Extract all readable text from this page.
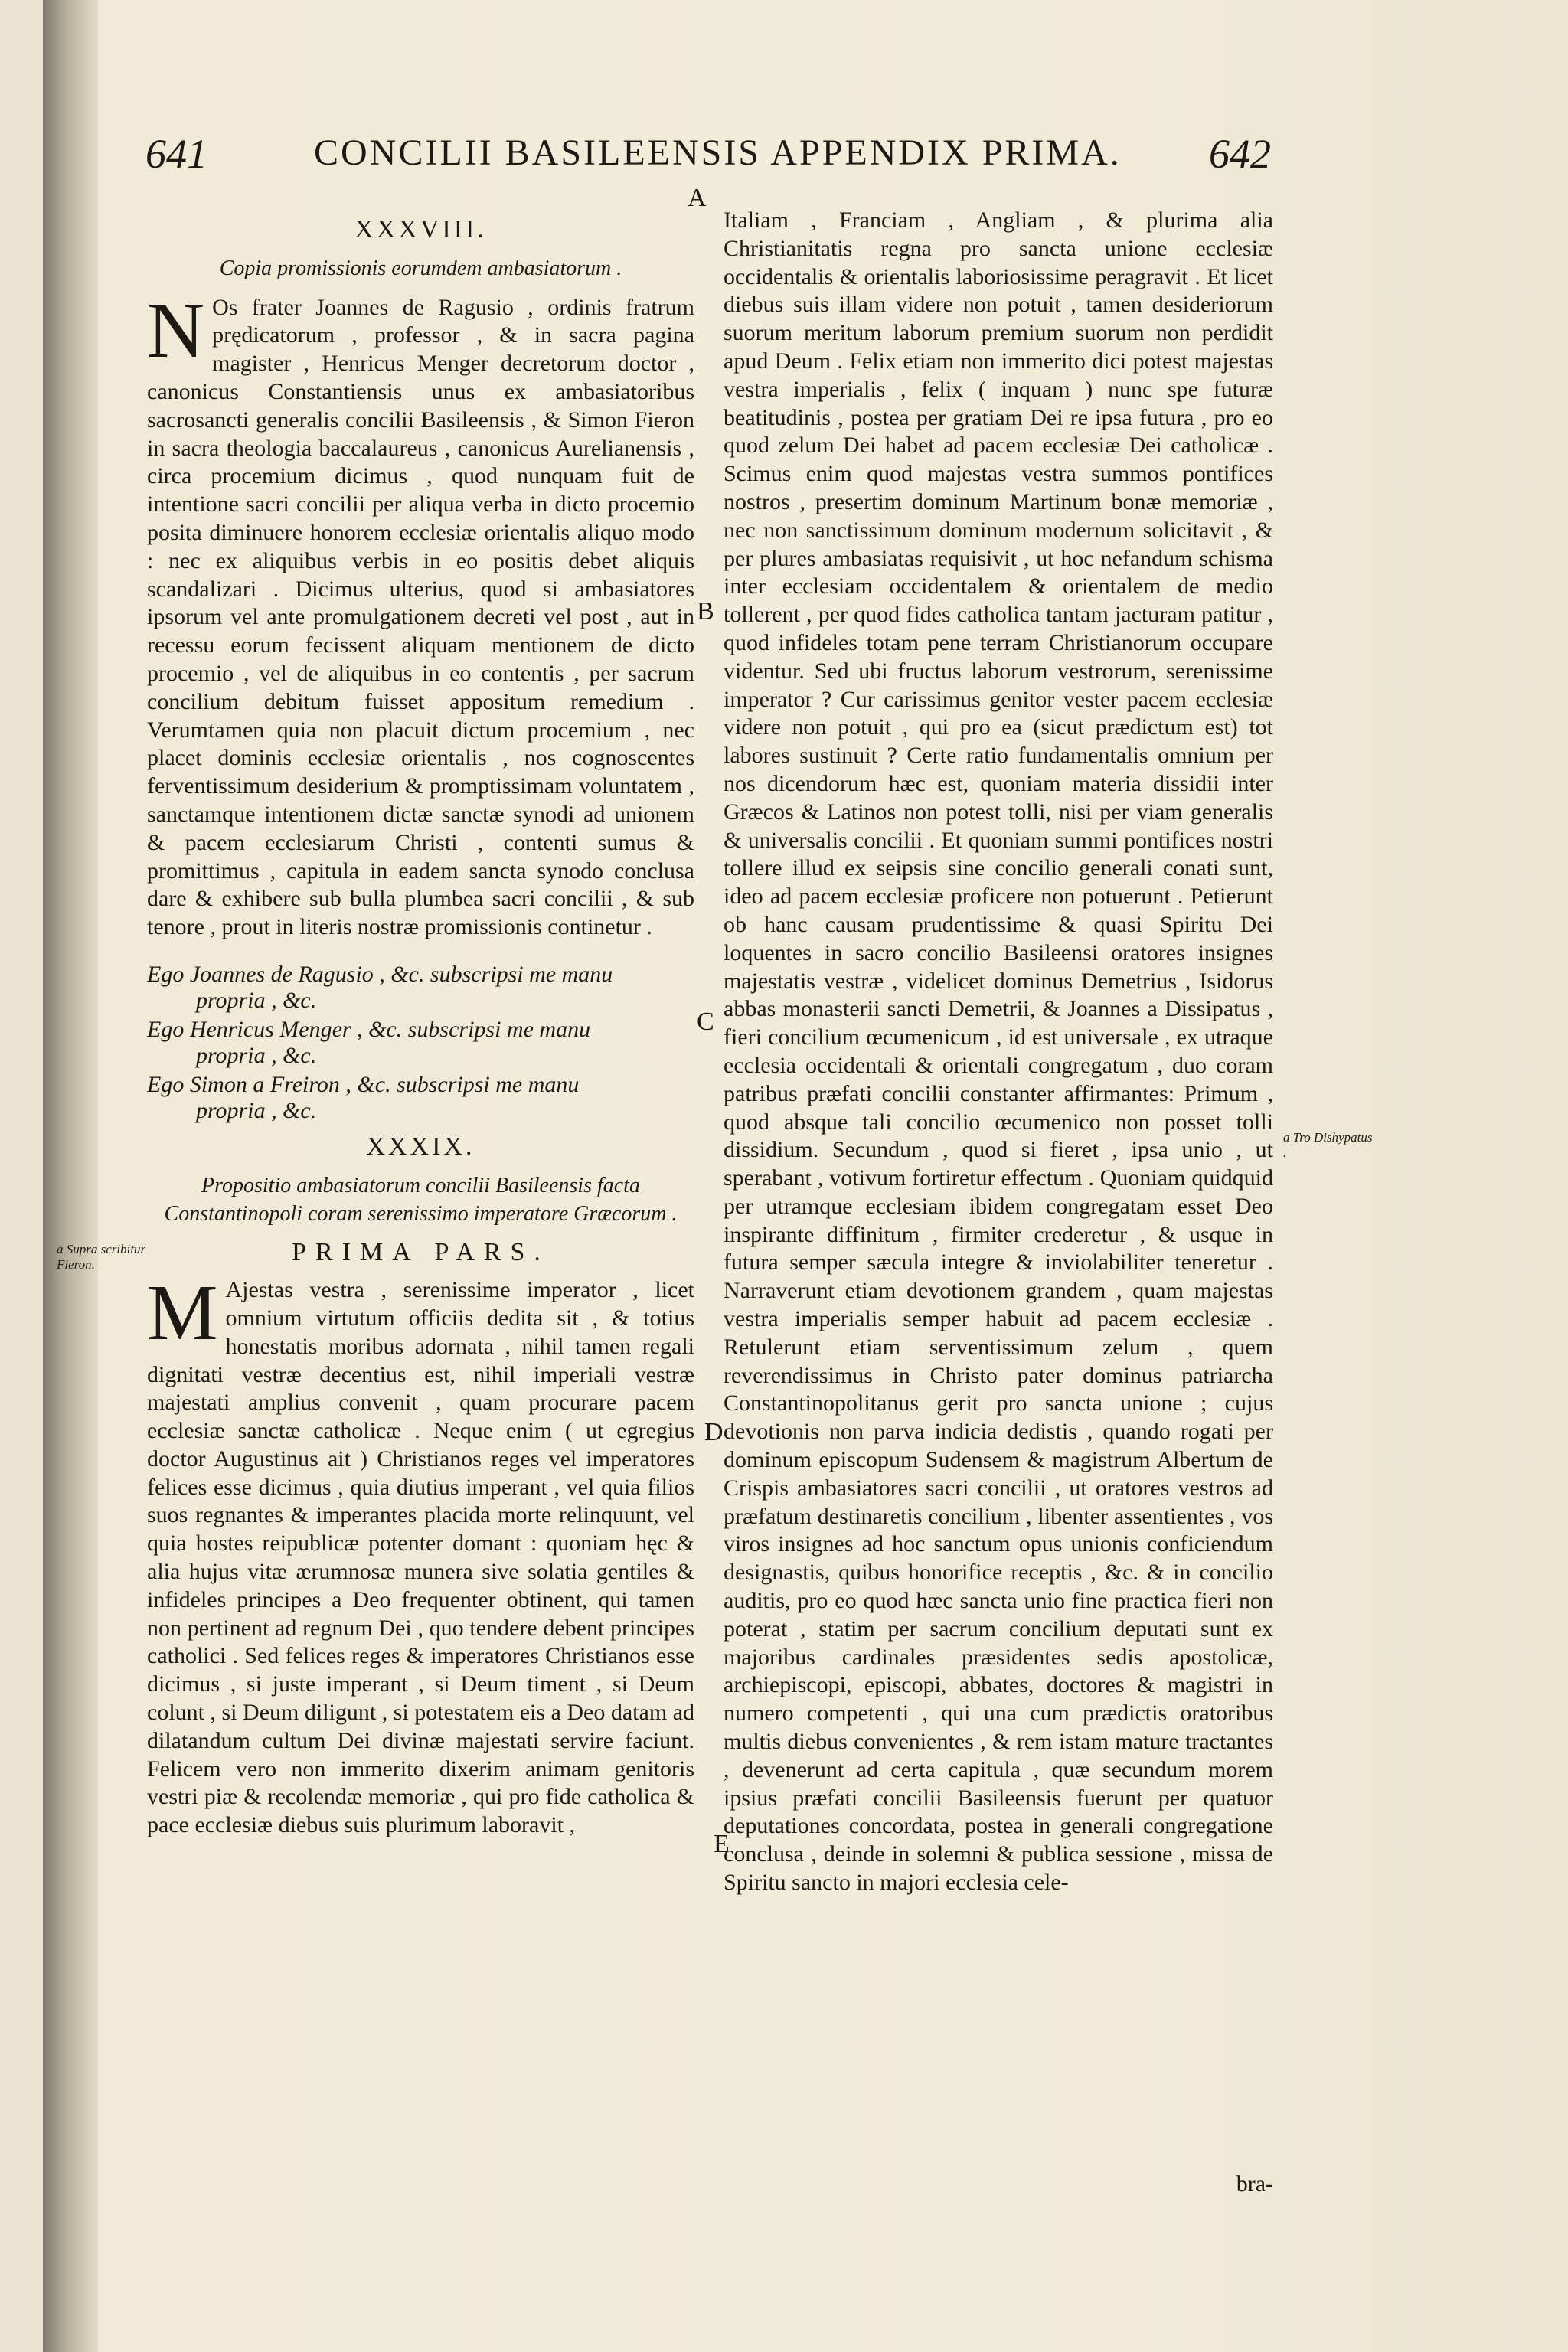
641	CONCILII BASILEENSIS APPENDIX PRIMA. 642
XXXVIII.
Copia promissionis eorumdem ambasiatorum .

N Os frater Joannes de Ragusio , ordinis fratrum prędicatorum , professor , & in sacra pagina magister , Henricus Menger decretorum doctor , canonicus Constantiensis unus ex ambasiatoribus sacrosancti generalis concilii Basileensis , & Simon Fieron in sacra theologia baccalaureus , canonicus Aurelianensis , circa procemium dicimus , quod nunquam fuit de intentione sacri concilii per aliqua verba in dicto procemio posita diminuere honorem ecclesiæ orientalis aliquo modo : nec ex aliquibus verbis in eo positis debet aliquis scandalizari . Dicimus ulterius, quod si ambasiatores ipsorum vel ante promulgationem decreti vel post , aut in recessu eorum fecissent aliquam mentionem de dicto procemio , vel de aliquibus in eo contentis , per sacrum concilium debitum fuisset appositum remedium . Verumtamen quia non placuit dictum procemium , nec placet dominis ecclesiæ orientalis , nos cognoscentes ferventissimum desiderium & promptissimam voluntatem , sanctamque intentionem dictæ sanctæ synodi ad unionem & pacem ecclesiarum Christi , contenti sumus & promittimus , capitula in eadem sancta synodo conclusa dare & exhibere sub bulla plumbea sacri concilii , & sub tenore , prout in literis nostræ promissionis continetur .

Ego Joannes de Ragusio , &c. subscripsi me manu
propria , &c.
Ego Henricus Menger , &c. subscripsi me manu
propria , &c.
Ego Simon a Freiron , &c. subscripsi me manu
propria , &c.
XXXIX.
Propositio ambasiatorum concilii Basileensis facta Constantinopoli coram serenissimo imperatore Græcorum .
PRIMA PARS.

M Ajestas vestra , serenissime imperator , licet omnium virtutum officiis dedita sit , & totius honestatis moribus adornata , nihil tamen regali dignitati vestræ decentius est, nihil imperiali vestræ majestati amplius convenit , quam procurare pacem ecclesiæ sanctæ catholicæ . Neque enim ( ut egregius doctor Augustinus ait ) Christianos reges vel imperatores felices esse dicimus , quia diutius imperant , vel quia filios suos regnantes & imperantes placida morte relinquunt, vel quia hostes reipublicæ potenter domant : quoniam hęc & alia hujus vitæ ærumnosæ munera sive solatia gentiles & infideles principes a Deo frequenter obtinent, qui tamen non pertinent ad regnum Dei , quo tendere debent principes catholici . Sed felices reges & imperatores Christianos esse dicimus , si juste imperant , si Deum timent , si Deum colunt , si Deum diligunt , si potestatem eis a Deo datam ad dilatandum cultum Dei divinæ majestati servire faciunt. Felicem vero non immerito dixerim animam genitoris vestri piæ & recolendæ memoriæ , qui pro fide catholica & pace ecclesiæ diebus suis plurimum laboravit ,

Italiam , Franciam , Angliam , & plurima alia Christianitatis regna pro sancta unione ecclesiæ occidentalis & orientalis laboriosissime peragravit . Et licet diebus suis illam videre non potuit , tamen desideriorum suorum meritum laborum premium suorum non perdidit apud Deum . Felix etiam non immerito dici potest majestas vestra imperialis , felix ( inquam ) nunc spe futuræ beatitudinis , postea per gratiam Dei re ipsa futura , pro eo quod zelum Dei habet ad pacem ecclesiæ Dei catholicæ . Scimus enim quod majestas vestra summos pontifices nostros , presertim dominum Martinum bonæ memoriæ , nec non sanctissimum dominum modernum solicitavit , & per plures ambasiatas requisivit , ut hoc nefandum schisma inter ecclesiam occidentalem & orientalem de medio tollerent , per quod fides catholica tantam jacturam patitur , quod infideles totam pene terram Christianorum occupare videntur. Sed ubi fructus laborum vestrorum, serenissime imperator ? Cur carissimus genitor vester pacem ecclesiæ videre non potuit , qui pro ea (sicut prædictum est) tot labores sustinuit ? Certe ratio fundamentalis omnium per nos dicendorum hæc est, quoniam materia dissidii inter Græcos & Latinos non potest tolli, nisi per viam generalis & universalis concilii . Et quoniam summi pontifices nostri tollere illud ex seipsis sine concilio generali conati sunt, ideo ad pacem ecclesiæ proficere non potuerunt . Petierunt ob hanc causam prudentissime & quasi Spiritu Dei loquentes in sacro concilio Basileensi oratores insignes majestatis vestræ , videlicet dominus Demetrius , Isidorus abbas monasterii sancti Demetrii, & Joannes a Dissipatus , fieri concilium œcumenicum , id est universale , ex utraque ecclesia occidentali & orientali congregatum , duo coram patribus præfati concilii constanter affirmantes: Primum , quod absque tali concilio œcumenico non posset tolli dissidium. Secundum , quod si fieret , ipsa unio , ut sperabant , votivum fortiretur effectum . Quoniam quidquid per utramque ecclesiam ibidem congregatam esset Deo inspirante diffinitum , firmiter crederetur , & usque in futura semper sæcula integre & inviolabiliter teneretur . Narraverunt etiam devotionem grandem , quam majestas vestra imperialis semper habuit ad pacem ecclesiæ . Retulerunt etiam serventissimum zelum , quem reverendissimus in Christo pater dominus patriarcha Constantinopolitanus gerit pro sancta unione ; cujus devotionis non parva indicia dedistis , quando rogati per dominum episcopum Sudensem & magistrum Albertum de Crispis ambasiatores sacri concilii , ut oratores vestros ad præfatum destinaretis concilium , libenter assentientes , vos viros insignes ad hoc sanctum opus unionis conficiendum designastis, quibus honorifice receptis , &c. & in concilio auditis, pro eo quod hæc sancta unio fine practica fieri non poterat , statim per sacrum concilium deputati sunt ex majoribus cardinales præsidentes sedis apostolicæ, archiepiscopi, episcopi, abbates, doctores & magistri in numero competenti , qui una cum prædictis oratoribus multis diebus convenientes , & rem istam mature tractantes , devenerunt ad certa capitula , quæ secundum morem ipsius præfati concilii Basileensis fuerunt per quatuor deputationes concordata, postea in generali congregatione conclusa , deinde in solemni & publica sessione , missa de Spiritu sancto in majori ecclesia cele-

bra-
A
B
C
D
E
a Supra scribitur Fieron.
a Tro Dishypatus .
